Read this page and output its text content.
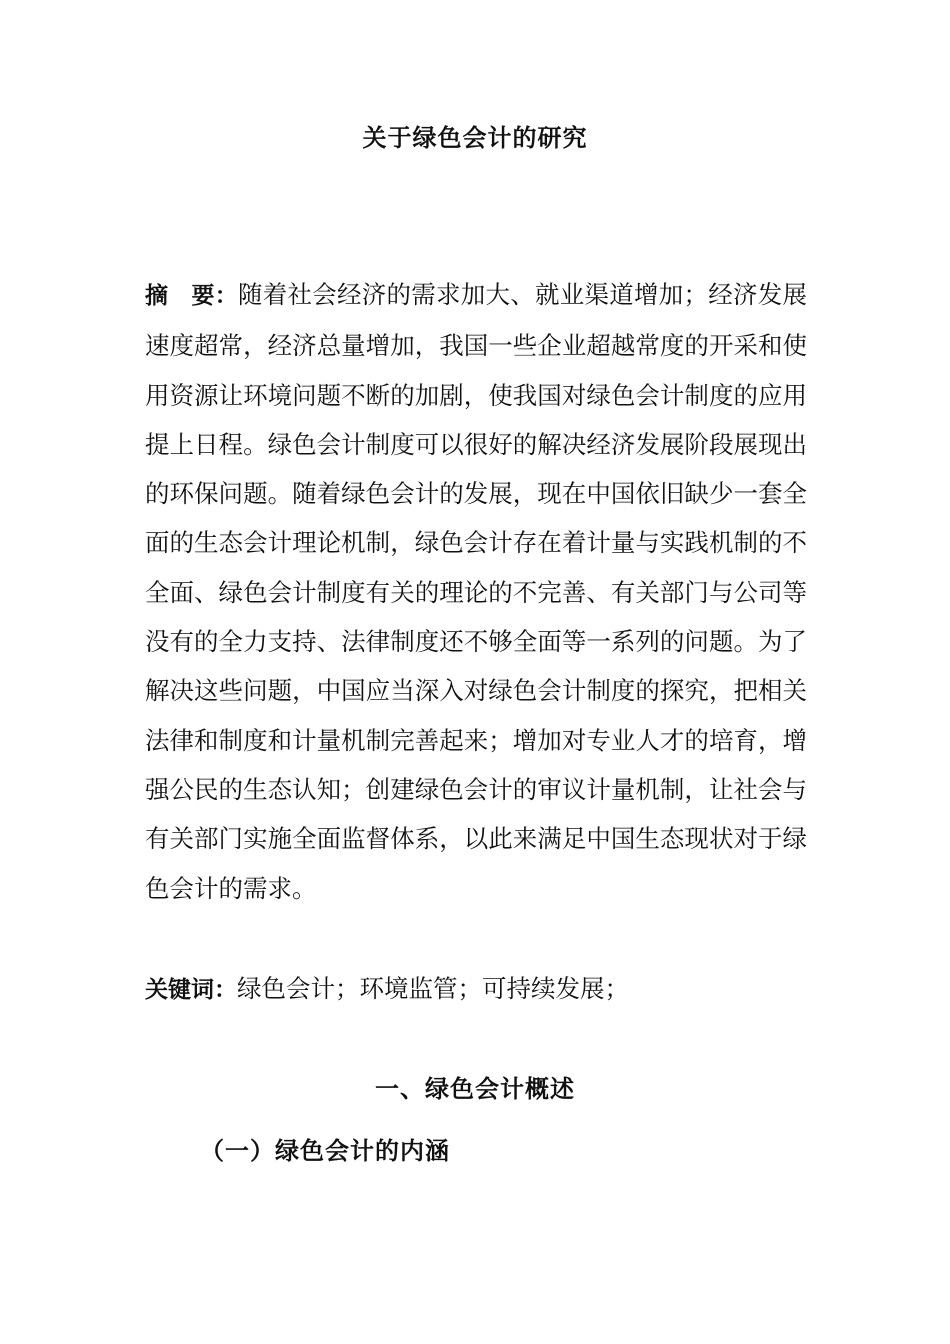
关于绿色会计的研究

摘　要：随着社会经济的需求加大、就业渠道增加；经济发展速度超常，经济总量增加，我国一些企业超越常度的开采和使用资源让环境问题不断的加剧，使我国对绿色会计制度的应用提上日程。绿色会计制度可以很好的解决经济发展阶段展现出的环保问题。随着绿色会计的发展，现在中国依旧缺少一套全面的生态会计理论机制，绿色会计存在着计量与实践机制的不全面、绿色会计制度有关的理论的不完善、有关部门与公司等没有的全力支持、法律制度还不够全面等一系列的问题。为了解决这些问题，中国应当深入对绿色会计制度的探究，把相关法律和制度和计量机制完善起来；增加对专业人才的培育，增强公民的生态认知；创建绿色会计的审议计量机制，让社会与有关部门实施全面监督体系，以此来满足中国生态现状对于绿色会计的需求。

关键词：绿色会计；环境监管；可持续发展；

一、绿色会计概述
（一）绿色会计的内涵
